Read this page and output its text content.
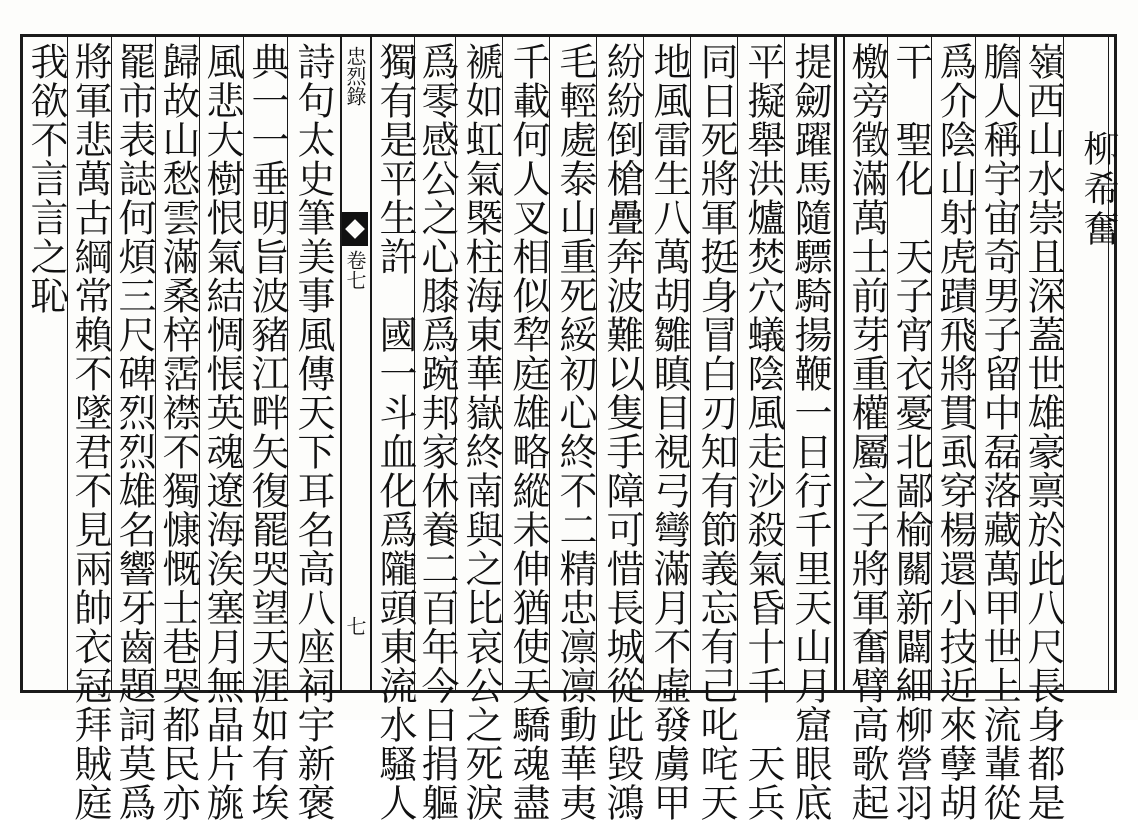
柳希奮
嶺西山水崇且深蓋世雄豪禀於此八尺長身都是
膽人稱宇宙奇男子留中磊落藏萬甲世上流輩從
爲介陰山射虎蹟飛將貫虱穿楊還小技近來孽胡
干　聖化　天子宵衣憂北鄙榆關新闢細柳營羽
檄旁徵滿萬士前芽重權屬之子將軍奮臂高歌起
提劒躍馬隨驃騎揚鞭一日行千里天山月窟眼底
平擬舉洪爐焚穴蟻陰風走沙殺氣昏十千　天兵
同日死將軍挺身冒白刃知有節義忘有己叱咤天
地風雷生八萬胡雛瞋目視弓彎滿月不虛發虜甲
紛紛倒槍疊奔波難以隻手障可惜長城從此毀鴻
毛輕處泰山重死綏初心終不二精忠凛凛動華夷
千載何人叉相似犂庭雄略縱未伸猶使天驕魂盡
褫如虹氣槩柱海東華嶽終南與之比哀公之死淚
爲零感公之心膝爲踠邦家休養二百年今日捐軀
獨有是平生許　國一斗血化爲隴頭東流水騷人
詩句太史筆美事風傳天下耳名高八座祠宇新褒
典一一垂明旨波豬江畔矢復罷哭望天涯如有埃
風悲大樹恨氣結惆悵英魂遼海涘塞月無晶片旐
歸故山愁雲滿桑梓霑襟不獨慷慨士巷哭都民亦
罷市表誌何煩三尺碑烈烈雄名響牙齒題詞莫爲
將軍悲萬古綱常賴不墜君不見兩帥衣冠拜賊庭
我欲不言言之恥	忠烈錄
卷七
七
